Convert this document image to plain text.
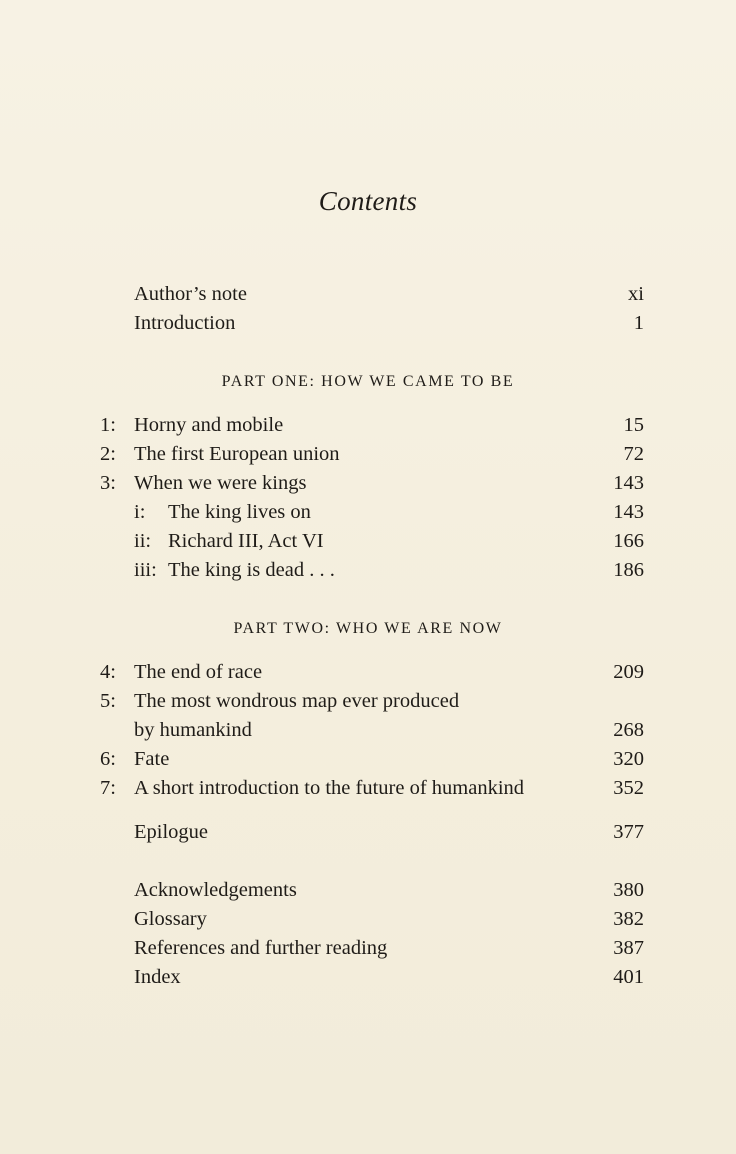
Contents
Author’s note	xi
Introduction	1
PART ONE: HOW WE CAME TO BE
1: Horny and mobile	15
2: The first European union	72
3: When we were kings	143
i: The king lives on	143
ii: Richard III, Act VI	166
iii: The king is dead . . .	186
PART TWO: WHO WE ARE NOW
4: The end of race	209
5: The most wondrous map ever produced
by humankind	268
6: Fate	320
7: A short introduction to the future of humankind	352
Epilogue	377
Acknowledgements	380
Glossary	382
References and further reading	387
Index	401
